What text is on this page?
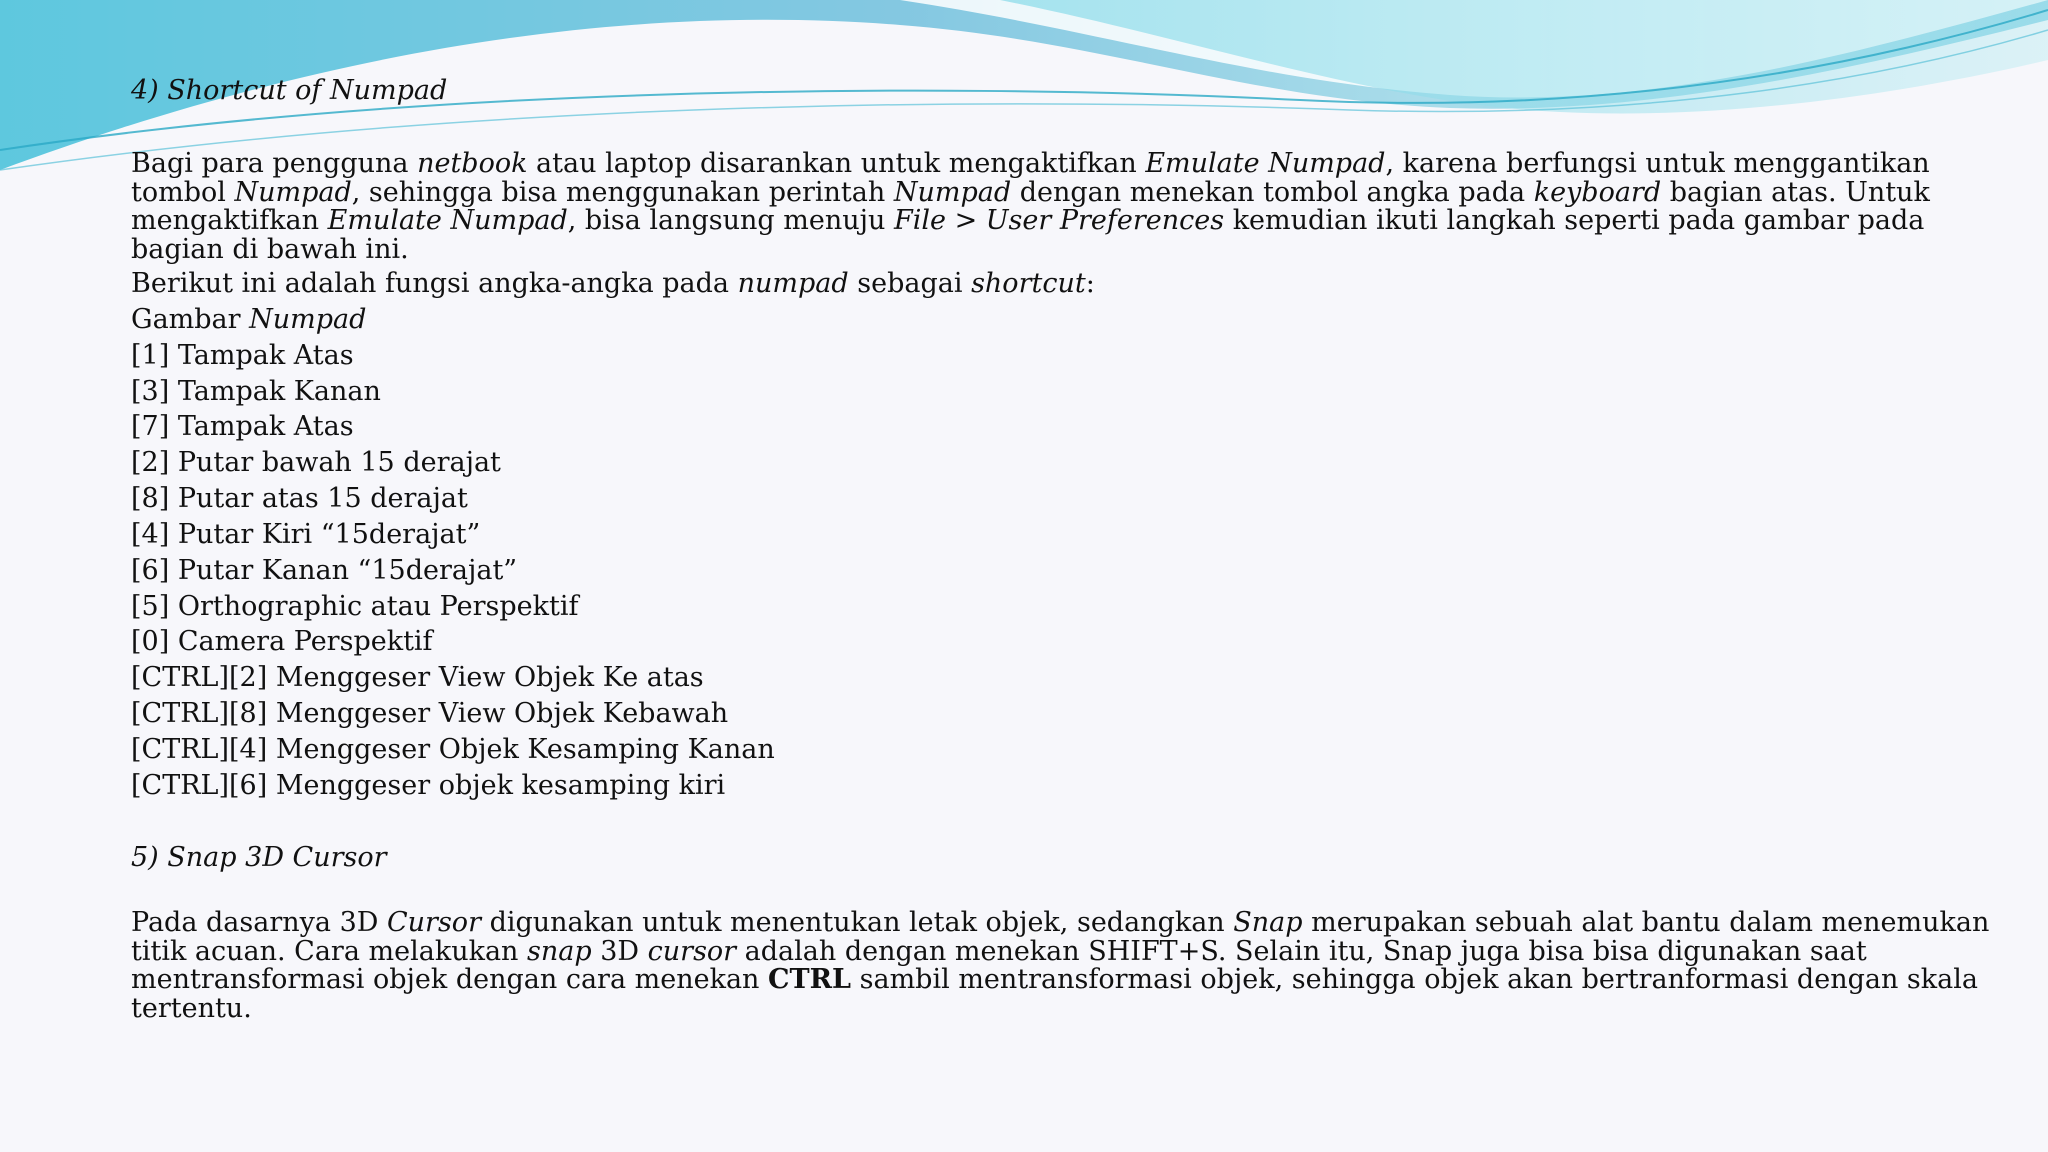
4) Shortcut of Numpad
Bagi para pengguna netbook atau laptop disarankan untuk mengaktifkan Emulate Numpad, karena berfungsi untuk menggantikan
tombol Numpad, sehingga bisa menggunakan perintah Numpad dengan menekan tombol angka pada keyboard bagian atas. Untuk
mengaktifkan Emulate Numpad, bisa langsung menuju File > User Preferences kemudian ikuti langkah seperti pada gambar pada
bagian di bawah ini.
Berikut ini adalah fungsi angka-angka pada numpad sebagai shortcut:
Gambar Numpad
[1] Tampak Atas
[3] Tampak Kanan
[7] Tampak Atas
[2] Putar bawah 15 derajat
[8] Putar atas 15 derajat
[4] Putar Kiri “15derajat”
[6] Putar Kanan “15derajat”
[5] Orthographic atau Perspektif
[0] Camera Perspektif
[CTRL][2] Menggeser View Objek Ke atas
[CTRL][8] Menggeser View Objek Kebawah
[CTRL][4] Menggeser Objek Kesamping Kanan
[CTRL][6] Menggeser objek kesamping kiri
5) Snap 3D Cursor
Pada dasarnya 3D Cursor digunakan untuk menentukan letak objek, sedangkan Snap merupakan sebuah alat bantu dalam menemukan
titik acuan. Cara melakukan snap 3D cursor adalah dengan menekan SHIFT+S. Selain itu, Snap juga bisa bisa digunakan saat
mentransformasi objek dengan cara menekan CTRL sambil mentransformasi objek, sehingga objek akan bertranformasi dengan skala
tertentu.
